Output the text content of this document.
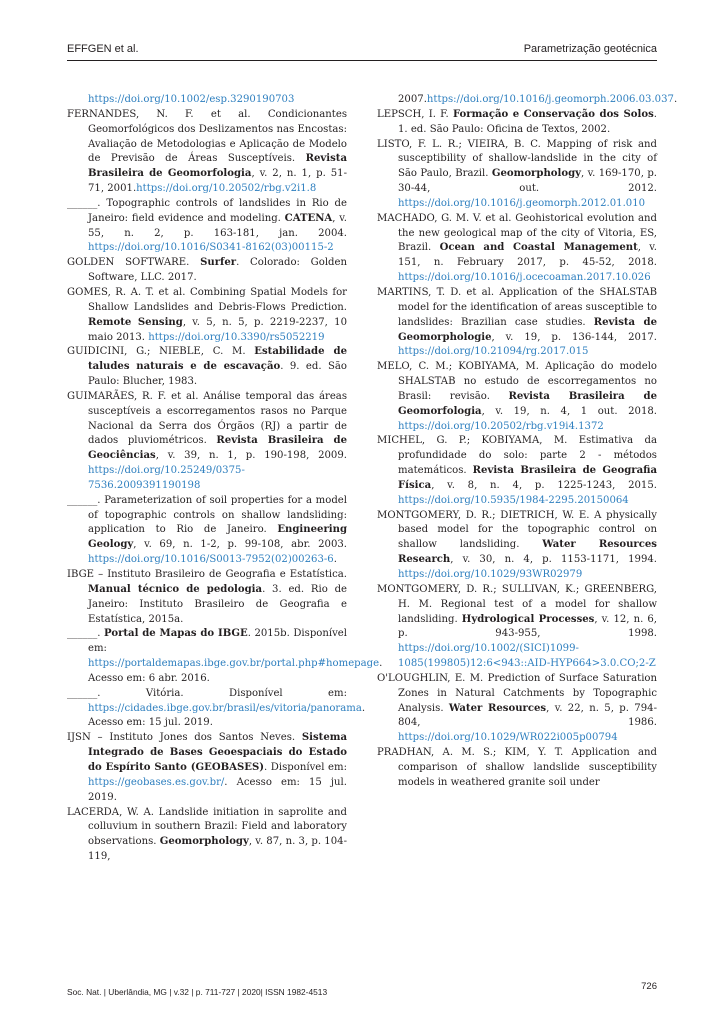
EFFGEN et al.	Parametrização geotécnica

https://doi.org/10.1002/esp.3290190703

FERNANDES, N. F. et al. Condicionantes Geomorfológicos dos Deslizamentos nas Encostas: Avaliação de Metodologias e Aplicação de Modelo de Previsão de Áreas Susceptíveis. Revista Brasileira de Geomorfologia, v. 2, n. 1, p. 51-71, 2001.https://doi.org/10.20502/rbg.v2i1.8

______. Topographic controls of landslides in Rio de Janeiro: field evidence and modeling. CATENA, v. 55, n. 2, p. 163-181, jan. 2004. https://doi.org/10.1016/S0341-8162(03)00115-2

GOLDEN SOFTWARE. Surfer. Colorado: Golden Software, LLC. 2017.

GOMES, R. A. T. et al. Combining Spatial Models for Shallow Landslides and Debris-Flows Prediction. Remote Sensing, v. 5, n. 5, p. 2219-2237, 10 maio 2013. https://doi.org/10.3390/rs5052219

GUIDICINI, G.; NIEBLE, C. M. Estabilidade de taludes naturais e de escavação. 9. ed. São Paulo: Blucher, 1983.

GUIMARÃES, R. F. et al. Análise temporal das áreas susceptíveis a escorregamentos rasos no Parque Nacional da Serra dos Órgãos (RJ) a partir de dados pluviométricos. Revista Brasileira de Geociências, v. 39, n. 1, p. 190-198, 2009. https://doi.org/10.25249/0375-7536.2009391190198

______. Parameterization of soil properties for a model of topographic controls on shallow landsliding: application to Rio de Janeiro. Engineering Geology, v. 69, n. 1-2, p. 99-108, abr. 2003. https://doi.org/10.1016/S0013-7952(02)00263-6.

IBGE – Instituto Brasileiro de Geografia e Estatística. Manual técnico de pedologia. 3. ed. Rio de Janeiro: Instituto Brasileiro de Geografia e Estatística, 2015a.

______. Portal de Mapas do IBGE. 2015b. Disponível em: https://portaldemapas.ibge.gov.br/portal.php#homepage. Acesso em: 6 abr. 2016.

______. Vitória. Disponível em: https://cidades.ibge.gov.br/brasil/es/vitoria/panorama. Acesso em: 15 jul. 2019.

IJSN – Instituto Jones dos Santos Neves. Sistema Integrado de Bases Geoespaciais do Estado do Espírito Santo (GEOBASES). Disponível em: https://geobases.es.gov.br/. Acesso em: 15 jul. 2019.

LACERDA, W. A. Landslide initiation in saprolite and colluvium in southern Brazil: Field and laboratory observations. Geomorphology, v. 87, n. 3, p. 104-119,

2007.https://doi.org/10.1016/j.geomorph.2006.03.037.

LEPSCH, I. F. Formação e Conservação dos Solos. 1. ed. São Paulo: Oficina de Textos, 2002.

LISTO, F. L. R.; VIEIRA, B. C. Mapping of risk and susceptibility of shallow-landslide in the city of São Paulo, Brazil. Geomorphology, v. 169-170, p. 30-44, out. 2012. https://doi.org/10.1016/j.geomorph.2012.01.010

MACHADO, G. M. V. et al. Geohistorical evolution and the new geological map of the city of Vitoria, ES, Brazil. Ocean and Coastal Management, v. 151, n. February 2017, p. 45-52, 2018. https://doi.org/10.1016/j.ocecoaman.2017.10.026

MARTINS, T. D. et al. Application of the SHALSTAB model for the identification of areas susceptible to landslides: Brazilian case studies. Revista de Geomorphologie, v. 19, p. 136-144, 2017. https://doi.org/10.21094/rg.2017.015

MELO, C. M.; KOBIYAMA, M. Aplicação do modelo SHALSTAB no estudo de escorregamentos no Brasil: revisão. Revista Brasileira de Geomorfologia, v. 19, n. 4, 1 out. 2018. https://doi.org/10.20502/rbg.v19i4.1372

MICHEL, G. P.; KOBIYAMA, M. Estimativa da profundidade do solo: parte 2 - métodos matemáticos. Revista Brasileira de Geografia Física, v. 8, n. 4, p. 1225-1243, 2015. https://doi.org/10.5935/1984-2295.20150064

MONTGOMERY, D. R.; DIETRICH, W. E. A physically based model for the topographic control on shallow landsliding. Water Resources Research, v. 30, n. 4, p. 1153-1171, 1994. https://doi.org/10.1029/93WR02979

MONTGOMERY, D. R.; SULLIVAN, K.; GREENBERG, H. M. Regional test of a model for shallow landsliding. Hydrological Processes, v. 12, n. 6, p. 943-955, 1998. https://doi.org/10.1002/(SICI)1099-1085(199805)12:6<943::AID-HYP664>3.0.CO;2-Z

O'LOUGHLIN, E. M. Prediction of Surface Saturation Zones in Natural Catchments by Topographic Analysis. Water Resources, v. 22, n. 5, p. 794-804, 1986. https://doi.org/10.1029/WR022i005p00794

PRADHAN, A. M. S.; KIM, Y. T. Application and comparison of shallow landslide susceptibility models in weathered granite soil under

Soc. Nat. | Uberlândia, MG | v.32 | p. 711-727 | 2020| ISSN 1982-4513	726
